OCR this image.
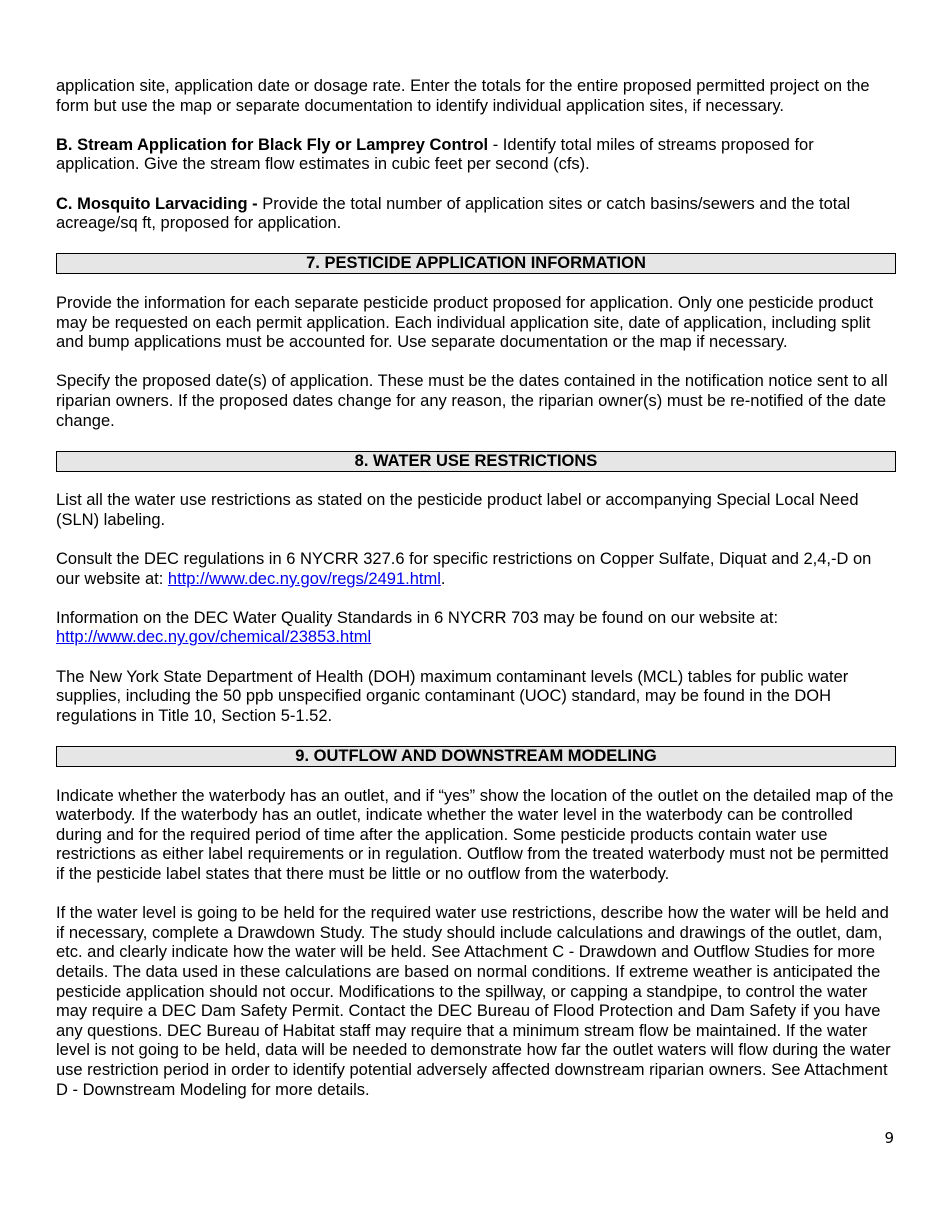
application site, application date or dosage rate. Enter the totals for the entire proposed permitted project on the form but use the map or separate documentation to identify individual application sites, if necessary.

B. Stream Application for Black Fly or Lamprey Control - Identify total miles of streams proposed for application. Give the stream flow estimates in cubic feet per second (cfs).

C. Mosquito Larvaciding - Provide the total number of application sites or catch basins/sewers and the total acreage/sq ft, proposed for application.

7. PESTICIDE APPLICATION INFORMATION

Provide the information for each separate pesticide product proposed for application. Only one pesticide product may be requested on each permit application. Each individual application site, date of application, including split and bump applications must be accounted for. Use separate documentation or the map if necessary.

Specify the proposed date(s) of application. These must be the dates contained in the notification notice sent to all riparian owners. If the proposed dates change for any reason, the riparian owner(s) must be re-notified of the date change.

8. WATER USE RESTRICTIONS

List all the water use restrictions as stated on the pesticide product label or accompanying Special Local Need (SLN) labeling.

Consult the DEC regulations in 6 NYCRR 327.6 for specific restrictions on Copper Sulfate, Diquat and 2,4,-D on our website at: http://www.dec.ny.gov/regs/2491.html.

Information on the DEC Water Quality Standards in 6 NYCRR 703 may be found on our website at: http://www.dec.ny.gov/chemical/23853.html

The New York State Department of Health (DOH) maximum contaminant levels (MCL) tables for public water supplies, including the 50 ppb unspecified organic contaminant (UOC) standard, may be found in the DOH regulations in Title 10, Section 5-1.52.

9. OUTFLOW AND DOWNSTREAM MODELING

Indicate whether the waterbody has an outlet, and if “yes” show the location of the outlet on the detailed map of the waterbody. If the waterbody has an outlet, indicate whether the water level in the waterbody can be controlled during and for the required period of time after the application. Some pesticide products contain water use restrictions as either label requirements or in regulation. Outflow from the treated waterbody must not be permitted if the pesticide label states that there must be little or no outflow from the waterbody.

If the water level is going to be held for the required water use restrictions, describe how the water will be held and if necessary, complete a Drawdown Study. The study should include calculations and drawings of the outlet, dam, etc. and clearly indicate how the water will be held. See Attachment C - Drawdown and Outflow Studies for more details. The data used in these calculations are based on normal conditions. If extreme weather is anticipated the pesticide application should not occur. Modifications to the spillway, or capping a standpipe, to control the water may require a DEC Dam Safety Permit. Contact the DEC Bureau of Flood Protection and Dam Safety if you have any questions. DEC Bureau of Habitat staff may require that a minimum stream flow be maintained. If the water level is not going to be held, data will be needed to demonstrate how far the outlet waters will flow during the water use restriction period in order to identify potential adversely affected downstream riparian owners. See Attachment D - Downstream Modeling for more details.

9
